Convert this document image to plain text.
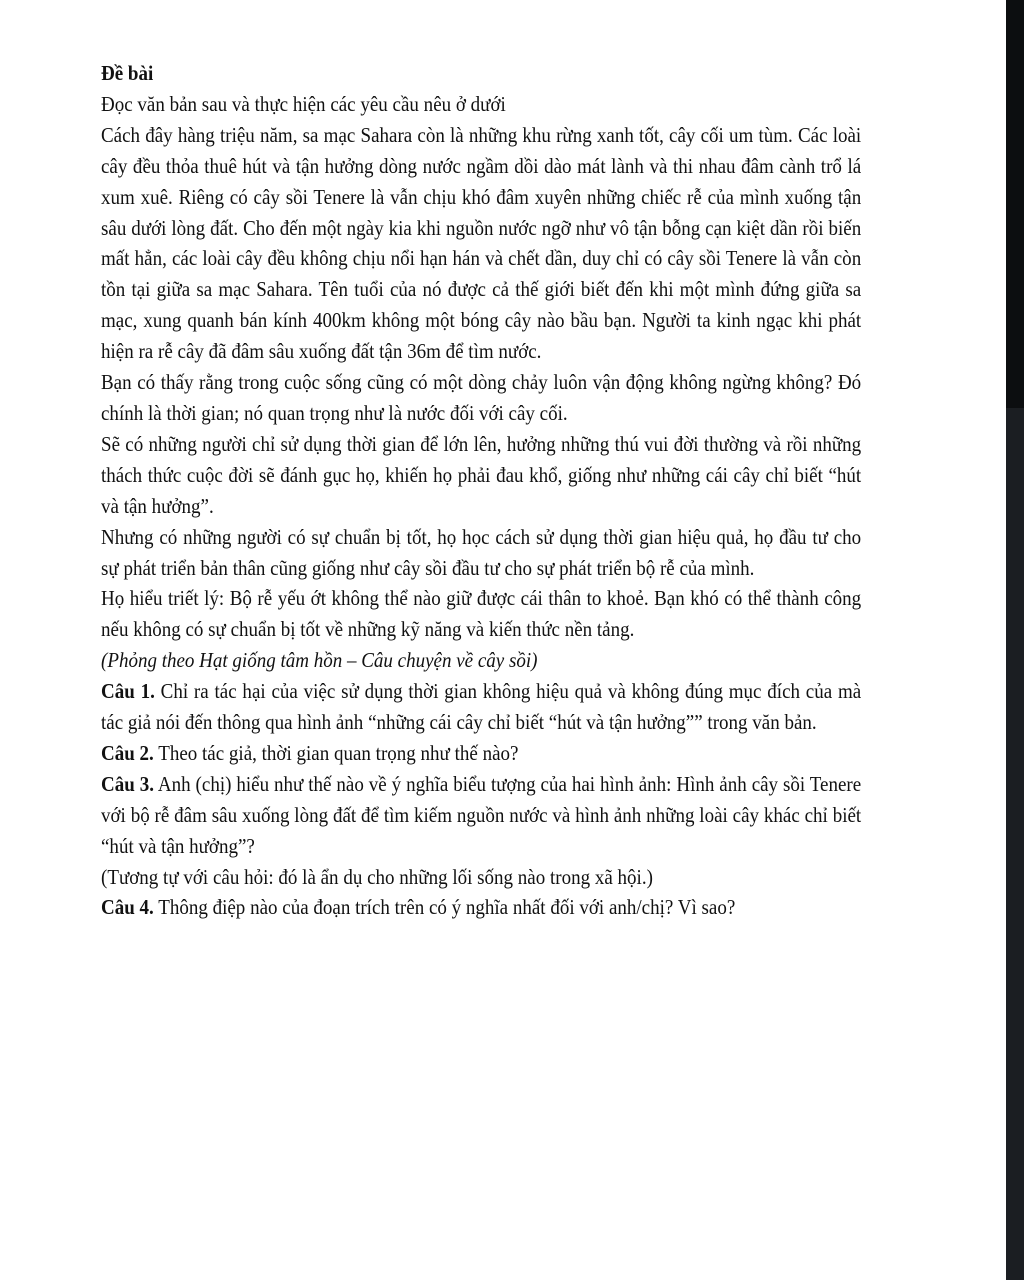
Đề bài

Đọc văn bản sau và thực hiện các yêu cầu nêu ở dưới

Cách đây hàng triệu năm, sa mạc Sahara còn là những khu rừng xanh tốt, cây cối um tùm. Các loài cây đều thỏa thuê hút và tận hưởng dòng nước ngầm dồi dào mát lành và thi nhau đâm cành trổ lá xum xuê. Riêng có cây sồi Tenere là vẫn chịu khó đâm xuyên những chiếc rễ của mình xuống tận sâu dưới lòng đất. Cho đến một ngày kia khi nguồn nước ngỡ như vô tận bỗng cạn kiệt dần rồi biến mất hẳn, các loài cây đều không chịu nổi hạn hán và chết dần, duy chỉ có cây sồi Tenere là vẫn còn tồn tại giữa sa mạc Sahara. Tên tuổi của nó được cả thế giới biết đến khi một mình đứng giữa sa mạc, xung quanh bán kính 400km không một bóng cây nào bầu bạn. Người ta kinh ngạc khi phát hiện ra rễ cây đã đâm sâu xuống đất tận 36m để tìm nước.

Bạn có thấy rằng trong cuộc sống cũng có một dòng chảy luôn vận động không ngừng không? Đó chính là thời gian; nó quan trọng như là nước đối với cây cối.

Sẽ có những người chỉ sử dụng thời gian để lớn lên, hưởng những thú vui đời thường và rồi những thách thức cuộc đời sẽ đánh gục họ, khiến họ phải đau khổ, giống như những cái cây chỉ biết “hút và tận hưởng”.

Nhưng có những người có sự chuẩn bị tốt, họ học cách sử dụng thời gian hiệu quả, họ đầu tư cho sự phát triển bản thân cũng giống như cây sồi đầu tư cho sự phát triển bộ rễ của mình.

Họ hiểu triết lý: Bộ rễ yếu ớt không thể nào giữ được cái thân to khoẻ. Bạn khó có thể thành công nếu không có sự chuẩn bị tốt về những kỹ năng và kiến thức nền tảng.

(Phỏng theo Hạt giống tâm hồn – Câu chuyện về cây sồi)

Câu 1. Chỉ ra tác hại của việc sử dụng thời gian không hiệu quả và không đúng mục đích của mà tác giả nói đến thông qua hình ảnh “những cái cây chỉ biết “hút và tận hưởng”” trong văn bản.

Câu 2. Theo tác giả, thời gian quan trọng như thế nào?

Câu 3. Anh (chị) hiểu như thế nào về ý nghĩa biểu tượng của hai hình ảnh: Hình ảnh cây sồi Tenere với bộ rễ đâm sâu xuống lòng đất để tìm kiếm nguồn nước và hình ảnh những loài cây khác chỉ biết “hút và tận hưởng”?

(Tương tự với câu hỏi: đó là ẩn dụ cho những lối sống nào trong xã hội.)

Câu 4. Thông điệp nào của đoạn trích trên có ý nghĩa nhất đối với anh/chị? Vì sao?
